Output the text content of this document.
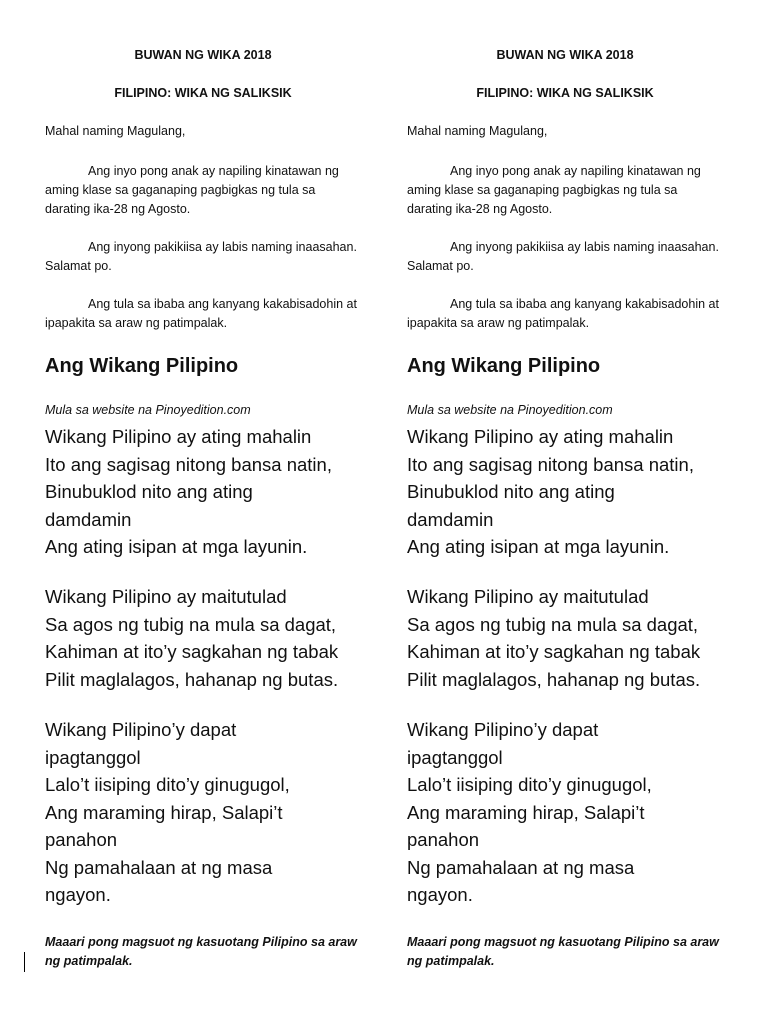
BUWAN NG WIKA 2018
FILIPINO: WIKA NG SALIKSIK
Mahal naming Magulang,

Ang inyo pong anak ay napiling kinatawan ng aming klase sa gaganaping pagbigkas ng tula sa darating ika-28 ng Agosto.

Ang inyong pakikiisa ay labis naming inaasahan. Salamat po.

Ang tula sa ibaba ang kanyang kakabisadohin at ipapakita sa araw ng patimpalak.

Ang Wikang Pilipino
Mula sa website na Pinoyedition.com
Wikang Pilipino ay ating mahalin
Ito ang sagisag nitong bansa natin,
Binubuklod nito ang ating
damdamin
Ang ating isipan at mga layunin.
Wikang Pilipino ay maitutulad
Sa agos ng tubig na mula sa dagat,
Kahiman at ito’y sagkahan ng tabak
Pilit maglalagos, hahanap ng butas.
Wikang Pilipino’y dapat
ipagtanggol
Lalo’t iisiping dito’y ginugugol,
Ang maraming hirap, Salapi’t
panahon
Ng pamahalaan at ng masa
ngayon.

Maaari pong magsuot ng kasuotang Pilipino sa araw ng patimpalak.

BUWAN NG WIKA 2018
FILIPINO: WIKA NG SALIKSIK
Mahal naming Magulang,

Ang inyo pong anak ay napiling kinatawan ng aming klase sa gaganaping pagbigkas ng tula sa darating ika-28 ng Agosto.

Ang inyong pakikiisa ay labis naming inaasahan. Salamat po.

Ang tula sa ibaba ang kanyang kakabisadohin at ipapakita sa araw ng patimpalak.

Ang Wikang Pilipino
Mula sa website na Pinoyedition.com
Wikang Pilipino ay ating mahalin
Ito ang sagisag nitong bansa natin,
Binubuklod nito ang ating
damdamin
Ang ating isipan at mga layunin.
Wikang Pilipino ay maitutulad
Sa agos ng tubig na mula sa dagat,
Kahiman at ito’y sagkahan ng tabak
Pilit maglalagos, hahanap ng butas.
Wikang Pilipino’y dapat
ipagtanggol
Lalo’t iisiping dito’y ginugugol,
Ang maraming hirap, Salapi’t
panahon
Ng pamahalaan at ng masa
ngayon.

Maaari pong magsuot ng kasuotang Pilipino sa araw ng patimpalak.
